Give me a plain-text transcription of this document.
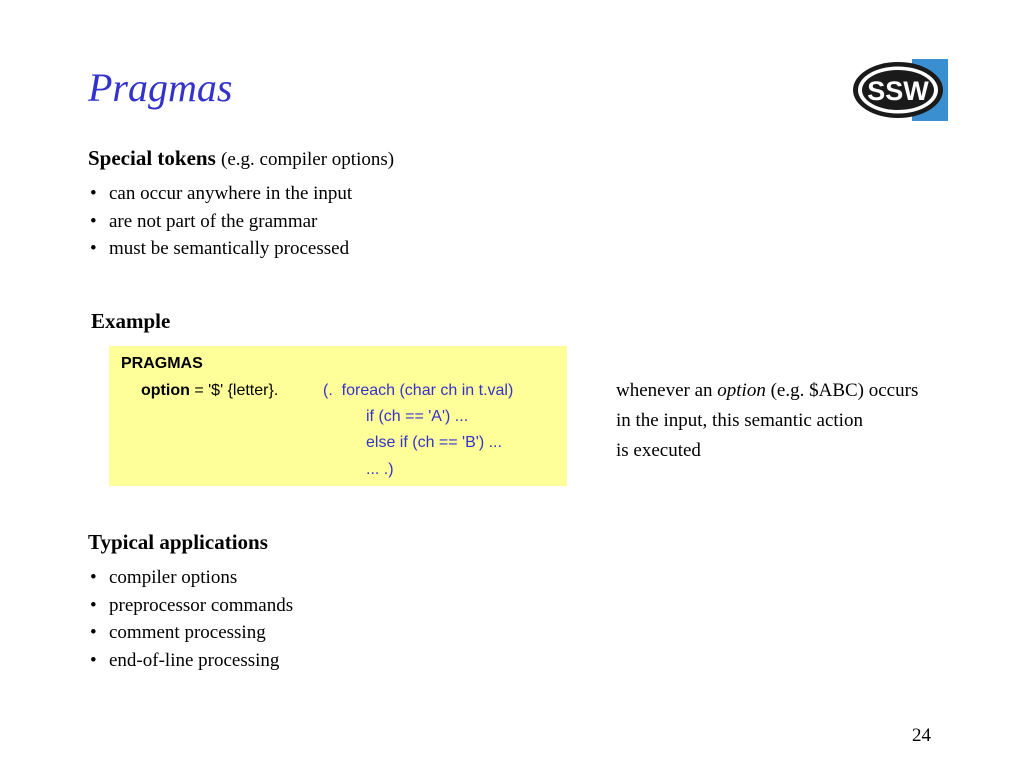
Pragmas	SSW
Special tokens (e.g. compiler options)
• can occur anywhere in the input
• are not part of the grammar
• must be semantically processed
Example
PRAGMAS
option = '$' {letter}.	(.  foreach (char ch in t.val)
if (ch == 'A') ...
else if (ch == 'B') ...
... .)
whenever an option (e.g. $ABC) occurs
in the input, this semantic action
is executed
Typical applications
• compiler options
• preprocessor commands
• comment processing
• end-of-line processing
24
